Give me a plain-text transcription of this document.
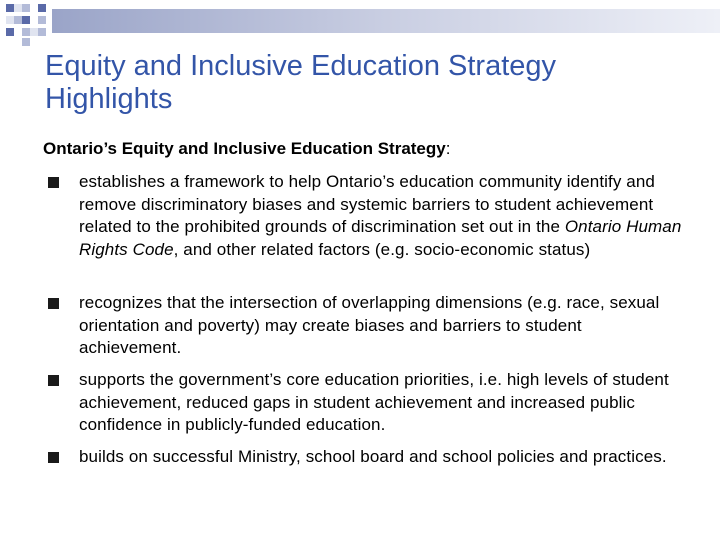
Equity and Inclusive Education Strategy
Highlights
Ontario’s Equity and Inclusive Education Strategy:
establishes a framework to help Ontario’s education community identify and remove discriminatory biases and systemic barriers to student achievement related to the prohibited grounds of discrimination set out in the Ontario Human Rights Code, and other related factors (e.g. socio-economic status)
recognizes that the intersection of overlapping dimensions (e.g. race, sexual orientation and poverty) may create biases and barriers to student achievement.
supports the government’s core education priorities, i.e. high levels of student achievement, reduced gaps in student achievement and increased public confidence in publicly-funded education.
builds on successful Ministry, school board and school policies and practices.
